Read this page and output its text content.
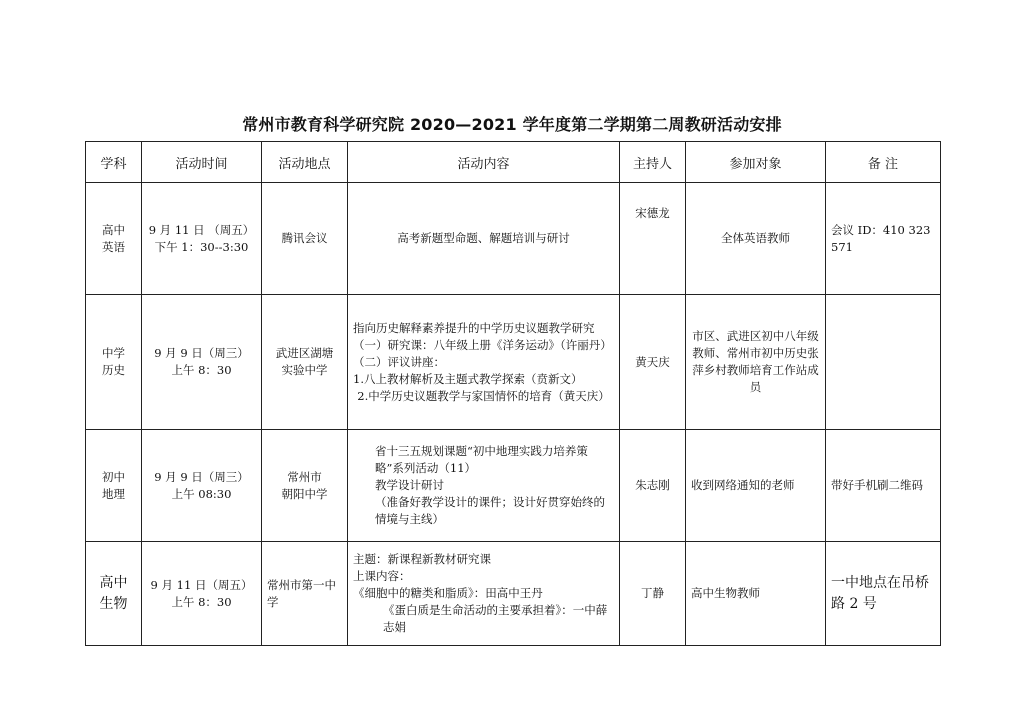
常州市教育科学研究院 2020—2021 学年度第二学期第二周教研活动安排
学科	活动时间	活动地点	活动内容	主持人	参加对象	备 注

高中
英语	9 月 11 日 （周五）
下午 1：30--3:30	腾讯会议	高考新题型命题、解题培训与研讨	宋德龙	全体英语教师	会议 ID：410 323
571

中学
历史	9 月 9 日（周三）
上午 8：30	武进区湖塘
实验中学	指向历史解释素养提升的中学历史议题教学研究
（一）研究课：八年级上册《洋务运动》（许丽丹）
（二）评议讲座：
1.八上教材解析及主题式教学探索（贲新文）
2.中学历史议题教学与家国情怀的培育（黄天庆）	黄天庆	市区、武进区初中八年级教师、常州市初中历史张萍乡村教师培育工作站成员	

初中
地理	9 月 9 日（周三）
上午 08:30	常州市
朝阳中学	省十三五规划课题“初中地理实践力培养策略”系列活动（11）
教学设计研讨
（准备好教学设计的课件；设计好贯穿始终的情境与主线）	朱志刚	收到网络通知的老师	带好手机刷二维码

高中
生物	9 月 11 日（周五）
上午 8：30	常州市第一中学	主题：新课程新教材研究课
上课内容：
《细胞中的糖类和脂质》：田高中王丹
《蛋白质是生命活动的主要承担着》：一中薛志娟	丁静	高中生物教师	一中地点在吊桥路 2 号
